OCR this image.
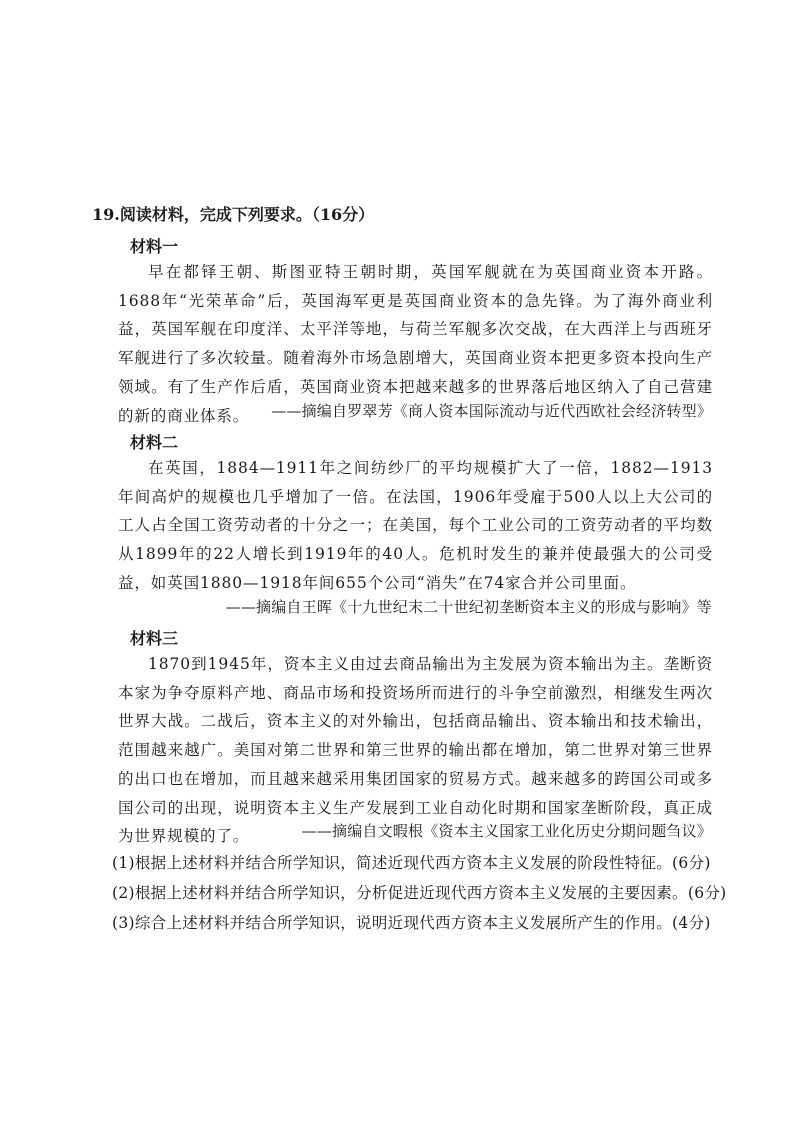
19.阅读材料，完成下列要求。（16分）
材料一
早在都铎王朝、斯图亚特王朝时期，英国军舰就在为英国商业资本开路。1688年“光荣革命”后，英国海军更是英国商业资本的急先锋。为了海外商业利益，英国军舰在印度洋、太平洋等地，与荷兰军舰多次交战，在大西洋上与西班牙军舰进行了多次较量。随着海外市场急剧增大，英国商业资本把更多资本投向生产领域。有了生产作后盾，英国商业资本把越来越多的世界落后地区纳入了自己营建的新的商业体系。	——摘编自罗翠芳《商人资本国际流动与近代西欧社会经济转型》
材料二
在英国，1884—1911年之间纺纱厂的平均规模扩大了一倍，1882—1913年间高炉的规模也几乎增加了一倍。在法国，1906年受雇于500人以上大公司的工人占全国工资劳动者的十分之一；在美国，每个工业公司的工资劳动者的平均数从1899年的22人增长到1919年的40人。危机时发生的兼并使最强大的公司受益，如英国1880—1918年间655个公司“消失”在74家合并公司里面。
——摘编自王晖《十九世纪末二十世纪初垄断资本主义的形成与影响》等
材料三
1870到1945年，资本主义由过去商品输出为主发展为资本输出为主。垄断资本家为争夺原料产地、商品市场和投资场所而进行的斗争空前激烈，相继发生两次世界大战。二战后，资本主义的对外输出，包括商品输出、资本输出和技术输出，范围越来越广。美国对第二世界和第三世界的输出都在增加，第二世界对第三世界的出口也在增加，而且越来越采用集团国家的贸易方式。越来越多的跨国公司或多国公司的出现，说明资本主义生产发展到工业自动化时期和国家垄断阶段，真正成为世界规模的了。	——摘编自文暇根《资本主义国家工业化历史分期问题刍议》
(1)根据上述材料并结合所学知识，简述近现代西方资本主义发展的阶段性特征。(6分)
(2)根据上述材料并结合所学知识，分析促进近现代西方资本主义发展的主要因素。(6分)
(3)综合上述材料并结合所学知识，说明近现代西方资本主义发展所产生的作用。(4分)
